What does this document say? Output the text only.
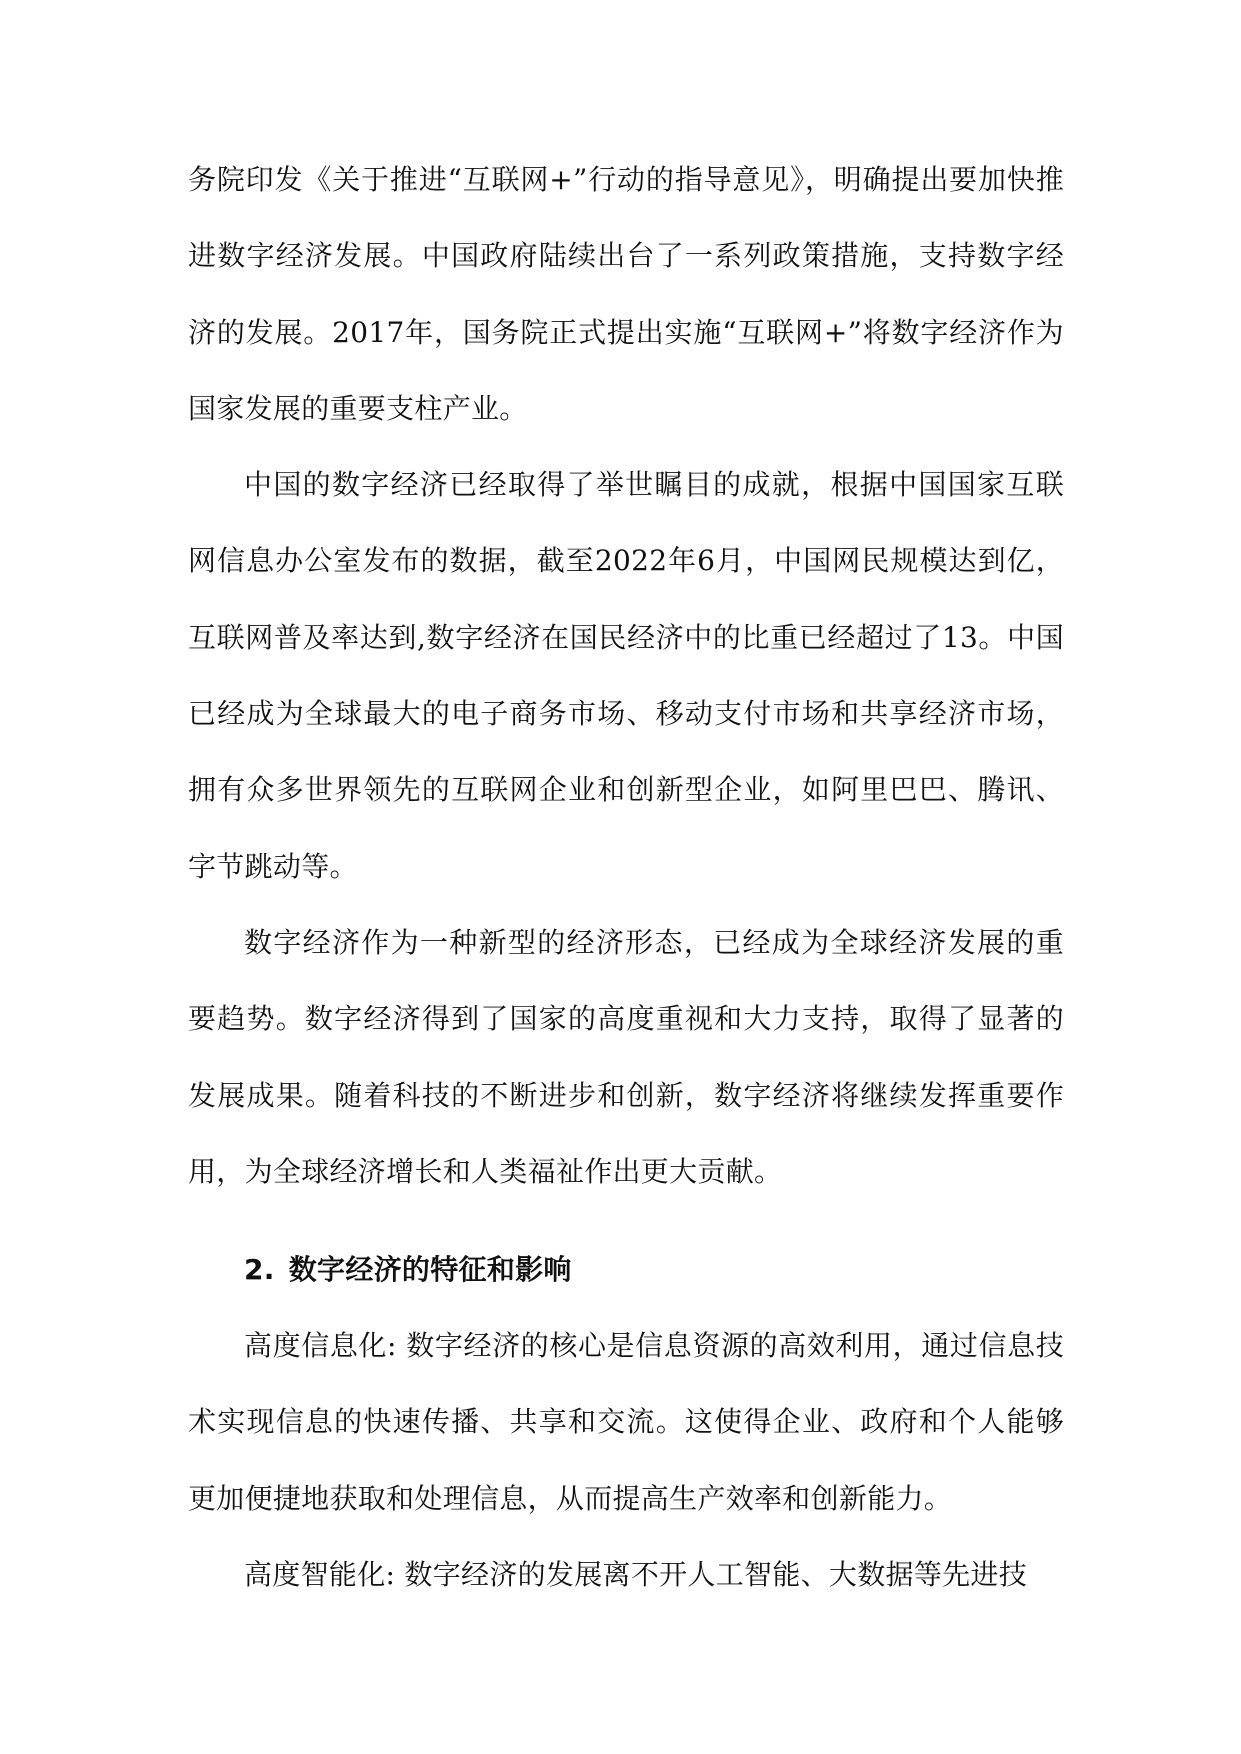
务院印发《关于推进“互联网+”行动的指导意见》，明确提出要加快推进数字经济发展。中国政府陆续出台了一系列政策措施，支持数字经济的发展。2017年，国务院正式提出实施“互联网+”将数字经济作为国家发展的重要支柱产业。

中国的数字经济已经取得了举世瞩目的成就，根据中国国家互联网信息办公室发布的数据，截至2022年6月，中国网民规模达到亿，互联网普及率达到,数字经济在国民经济中的比重已经超过了13。中国已经成为全球最大的电子商务市场、移动支付市场和共享经济市场，拥有众多世界领先的互联网企业和创新型企业，如阿里巴巴、腾讯、字节跳动等。

数字经济作为一种新型的经济形态，已经成为全球经济发展的重要趋势。数字经济得到了国家的高度重视和大力支持，取得了显著的发展成果。随着科技的不断进步和创新，数字经济将继续发挥重要作用，为全球经济增长和人类福祉作出更大贡献。

2. 数字经济的特征和影响

高度信息化: 数字经济的核心是信息资源的高效利用，通过信息技术实现信息的快速传播、共享和交流。这使得企业、政府和个人能够更加便捷地获取和处理信息，从而提高生产效率和创新能力。

高度智能化: 数字经济的发展离不开人工智能、大数据等先进技
